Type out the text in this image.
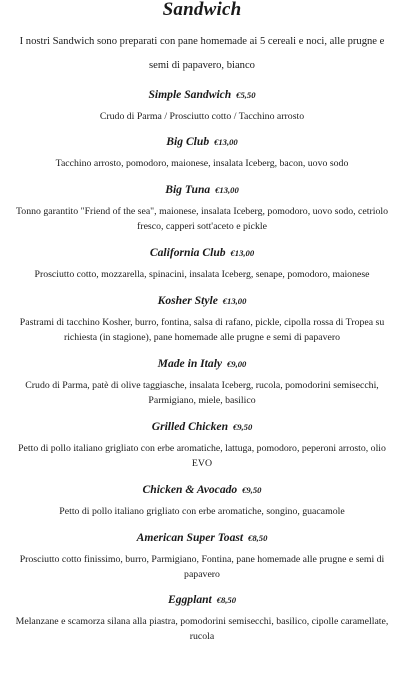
Sandwich

I nostri Sandwich sono preparati con pane homemade ai 5 cereali e noci, alle prugne e semi di papavero, bianco

Simple Sandwich €5,50

Crudo di Parma / Prosciutto cotto / Tacchino arrosto

Big Club €13,00

Tacchino arrosto, pomodoro, maionese, insalata Iceberg, bacon, uovo sodo

Big Tuna €13,00

Tonno garantito "Friend of the sea", maionese, insalata Iceberg, pomodoro, uovo sodo, cetriolo fresco, capperi sott'aceto e pickle

California Club €13,00

Prosciutto cotto, mozzarella, spinacini, insalata Iceberg, senape, pomodoro, maionese

Kosher Style €13,00

Pastrami di tacchino Kosher, burro, fontina, salsa di rafano, pickle, cipolla rossa di Tropea su richiesta (in stagione), pane homemade alle prugne e semi di papavero

Made in Italy €9,00

Crudo di Parma, patè di olive taggiasche, insalata Iceberg, rucola, pomodorini semisecchi, Parmigiano, miele, basilico

Grilled Chicken €9,50

Petto di pollo italiano grigliato con erbe aromatiche, lattuga, pomodoro, peperoni arrosto, olio EVO

Chicken & Avocado €9,50

Petto di pollo italiano grigliato con erbe aromatiche, songino, guacamole

American Super Toast €8,50

Prosciutto cotto finissimo, burro, Parmigiano, Fontina, pane homemade alle prugne e semi di papavero

Eggplant €8,50

Melanzane e scamorza silana alla piastra, pomodorini semisecchi, basilico, cipolle caramellate, rucola
